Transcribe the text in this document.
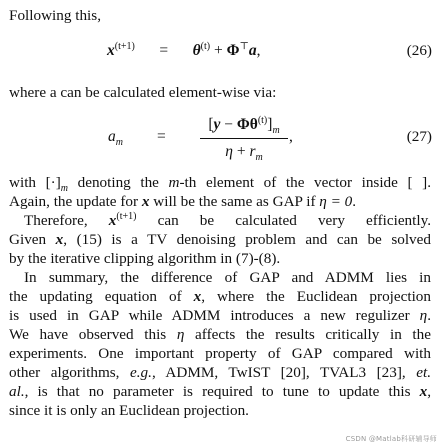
Following this,
$x^{(t+1)} = \theta^{(t)} + \Phi^⊤a$,	(26)
where a can be calculated element-wise via:
$a_m$ =
$[y - \Phi\theta^{(t)}]_m$
$\eta + r_m$
,	(27)
with $[\cdot]_m$ denoting the m-th element of the vector inside [ ].
Again, the update for x will be the same as GAP if η = 0.
Therefore, $x^{(t+1)}$ can be calculated very efficiently.
Given x, (15) is a TV denoising problem and can be solved
by the iterative clipping algorithm in (7)-(8).
In summary, the difference of GAP and ADMM lies in
the updating equation of x, where the Euclidean projection
is used in GAP while ADMM introduces a new regulizer η.
We have observed this η affects the results critically in the
experiments. One important property of GAP compared with
other algorithms, e.g., ADMM, TwIST [20], TVAL3 [23], et.
al., is that no parameter is required to tune to update this x,
since it is only an Euclidean projection.
CSDN @Matlab科研辅导师
